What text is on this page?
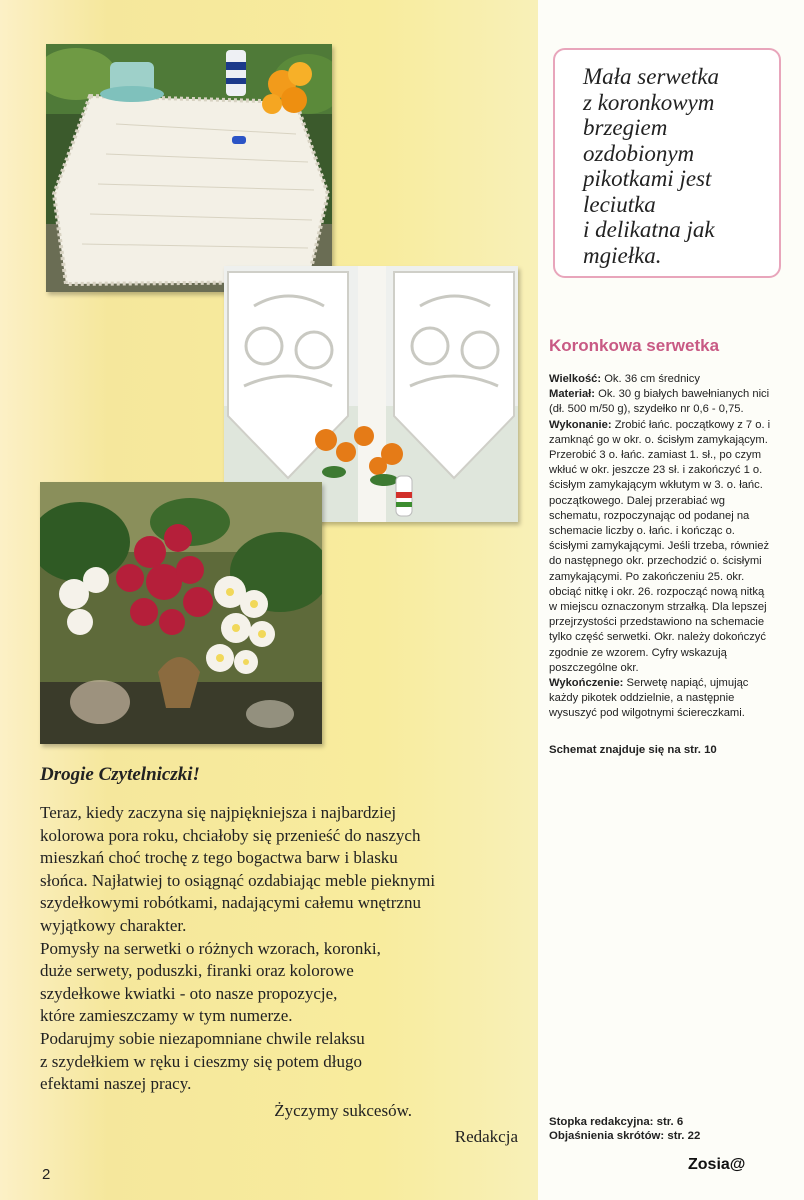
Drogie Czytelniczki!

Teraz, kiedy zaczyna się najpiękniejsza i najbardziej

kolorowa pora roku, chciałoby się przenieść do naszych

mieszkań choć trochę z tego bogactwa barw i blasku

słońca. Najłatwiej to osiągnąć ozdabiając meble pieknymi

szydełkowymi robótkami, nadającymi całemu wnętrznu

wyjątkowy charakter.

Pomysły na serwetki o różnych wzorach, koronki,

duże serwety, poduszki, firanki oraz kolorowe

szydełkowe kwiatki - oto nasze propozycje,

które zamieszczamy w tym numerze.

Podarujmy sobie niezapomniane chwile relaksu

z szydełkiem w ręku i cieszmy się potem długo

efektami naszej pracy.

Życzymy sukcesów.
Redakcja
Mała serwetka
z koronkowym
brzegiem
ozdobionym
pikotkami jest
leciutka
i delikatna jak
mgiełka.
Koronkowa serwetka

Wielkość: Ok. 36 cm średnicy

Materiał: Ok. 30 g białych bawełnianych nici (dł. 500 m/50 g), szydełko nr 0,6 - 0,75.

Wykonanie: Zrobić łańc. początkowy z 7 o. i zamknąć go w okr. o. ścisłym zamykającym. Przerobić 3 o. łańc. zamiast 1. sł., po czym wkłuć w okr. jeszcze 23 sł. i zakończyć 1 o. ścisłym zamykającym wkłutym w 3. o. łańc. początkowego. Dalej przerabiać wg schematu, rozpoczynając od podanej na schemacie liczby o. łańc. i kończąc o. ścisłymi zamykającymi. Jeśli trzeba, również do następnego okr. przechodzić o. ścisłymi zamykającymi. Po zakończeniu 25. okr. obciąć nitkę i okr. 26. rozpocząć nową nitką w miejscu oznaczonym strzałką. Dla lepszej przejrzystości przedstawiono na schemacie tylko część serwetki. Okr. należy dokończyć zgodnie ze wzorem. Cyfry wskazują poszczególne okr.

Wykończenie: Serwetę napiąć, ujmując każdy pikotek oddzielnie, a następnie wysuszyć pod wilgotnymi ściereczkami.

Schemat znajduje się na str. 10
Stopka redakcyjna: str. 6
Objaśnienia skrótów: str. 22
2
Zosia@
